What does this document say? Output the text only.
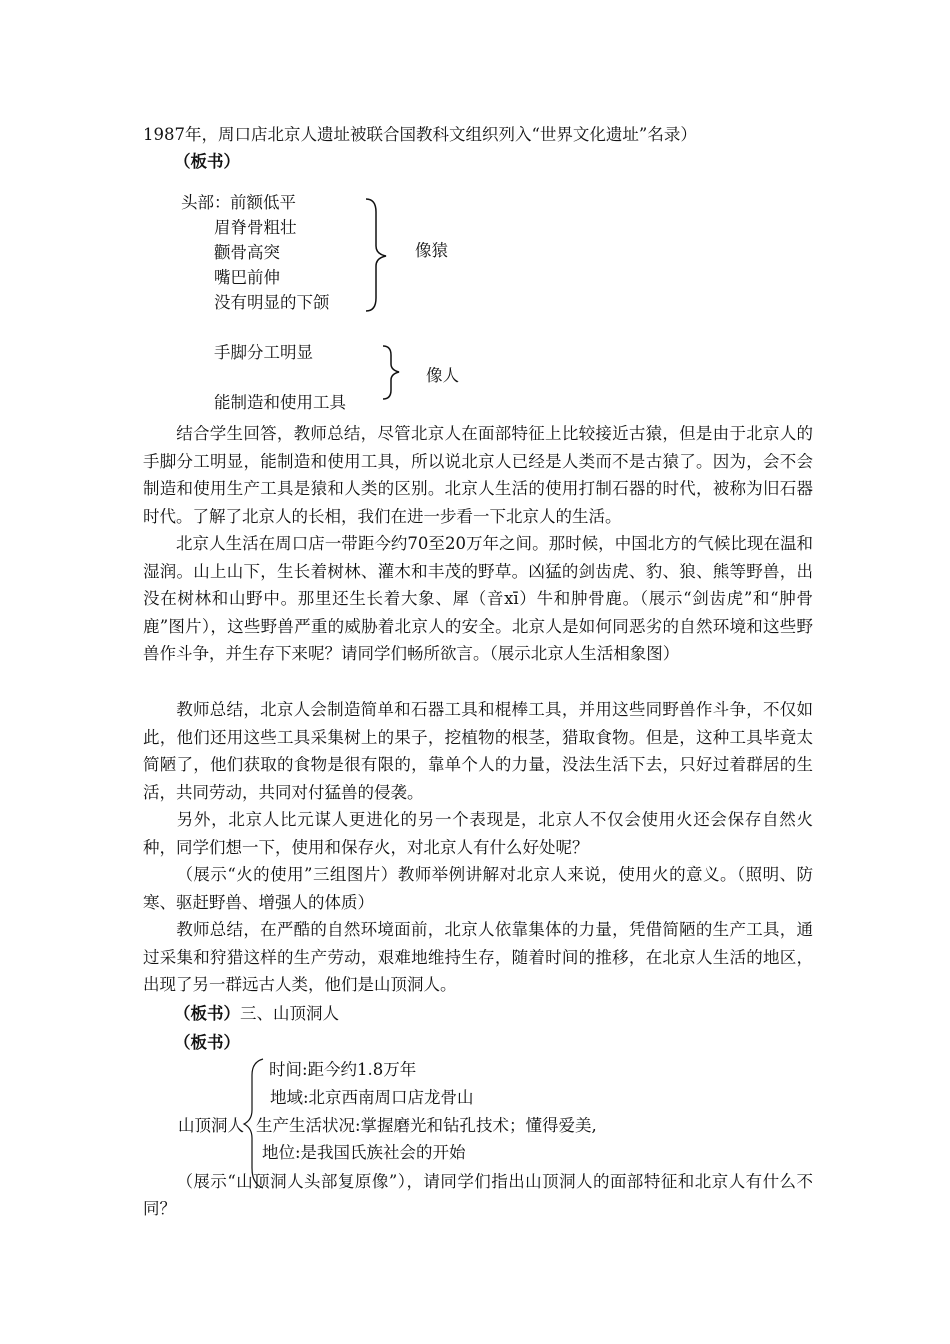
1987年，周口店北京人遗址被联合国教科文组织列入“世界文化遗址”名录）
（板书）
头部： 前额低平
眉脊骨粗壮
颧骨高突
嘴巴前伸
没有明显的下颌
像猿
手脚分工明显
能制造和使用工具
像人
结合学生回答，教师总结，尽管北京人在面部特征上比较接近古猿，但是由于北京人的手脚分工明显，能制造和使用工具，所以说北京人已经是人类而不是古猿了。因为，会不会制造和使用生产工具是猿和人类的区别。北京人生活的使用打制石器的时代，被称为旧石器时代。了解了北京人的长相，我们在进一步看一下北京人的生活。
北京人生活在周口店一带距今约70至20万年之间。那时候，中国北方的气候比现在温和湿润。山上山下，生长着树林、灌木和丰茂的野草。凶猛的剑齿虎、豹、狼、熊等野兽，出没在树林和山野中。那里还生长着大象、犀（音xī）牛和肿骨鹿。（展示“剑齿虎”和“肿骨鹿”图片），这些野兽严重的威胁着北京人的安全。北京人是如何同恶劣的自然环境和这些野兽作斗争，并生存下来呢？请同学们畅所欲言。（展示北京人生活相象图）
教师总结，北京人会制造简单和石器工具和棍棒工具，并用这些同野兽作斗争，不仅如此，他们还用这些工具采集树上的果子，挖植物的根茎，猎取食物。但是，这种工具毕竟太简陋了，他们获取的食物是很有限的，靠单个人的力量，没法生活下去，只好过着群居的生活，共同劳动，共同对付猛兽的侵袭。
另外，北京人比元谋人更进化的另一个表现是，北京人不仅会使用火还会保存自然火种，同学们想一下，使用和保存火，对北京人有什么好处呢？
（展示“火的使用”三组图片）教师举例讲解对北京人来说，使用火的意义。（照明、防寒、驱赶野兽、增强人的体质）
教师总结，在严酷的自然环境面前，北京人依靠集体的力量，凭借简陋的生产工具，通过采集和狩猎这样的生产劳动，艰难地维持生存，随着时间的推移，在北京人生活的地区，出现了另一群远古人类，他们是山顶洞人。
（板书）三、山顶洞人
（板书）
时间:距今约1.8万年
地域:北京西南周口店龙骨山
山顶洞人 生产生活状况:掌握磨光和钻孔技术；懂得爱美,
地位:是我国氏族社会的开始
（展示“山顶洞人头部复原像”），请同学们指出山顶洞人的面部特征和北京人有什么不同？
